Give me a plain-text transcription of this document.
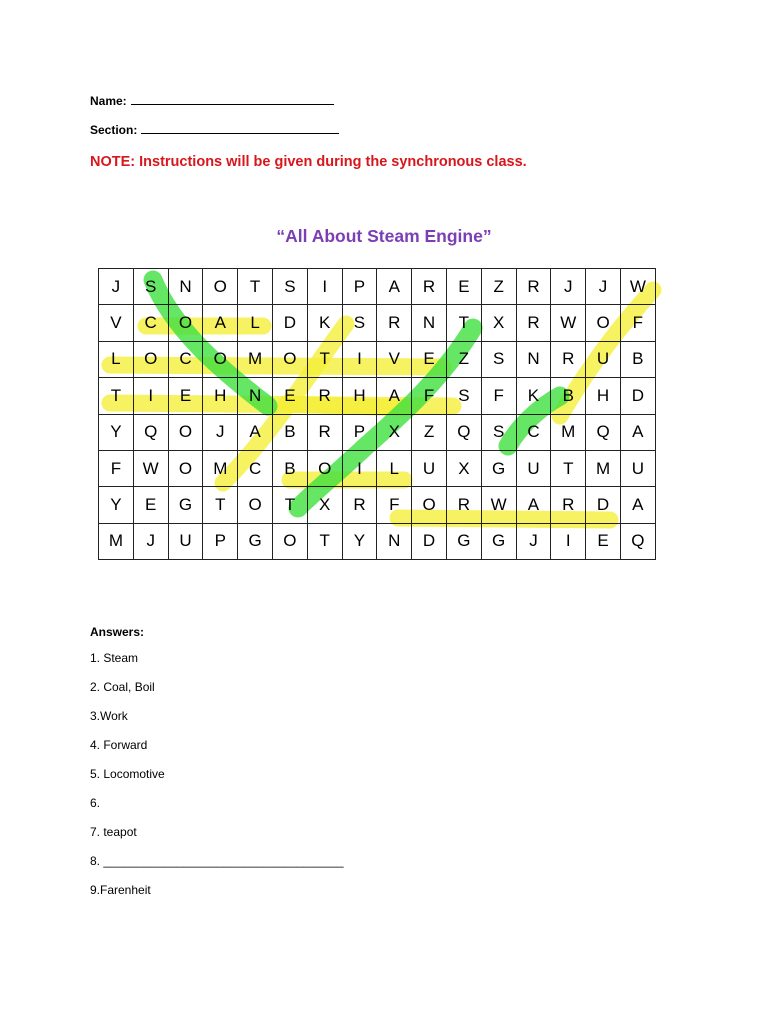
Name:
Section:
NOTE: Instructions will be given during the synchronous class.
“All About Steam Engine”
J	S	N	O	T	S	I	P	A	R	E	Z	R	J	J	W
V	C	O	A	L	D	K	S	R	N	T	X	R	W	O	F
L	O	C	O	M	O	T	I	V	E	Z	S	N	R	U	B
T	I	E	H	N	E	R	H	A	F	S	F	K	B	H	D
Y	Q	O	J	A	B	R	P	X	Z	Q	S	C	M	Q	A
F	W	O	M	C	B	O	I	L	U	X	G	U	T	M	U
Y	E	G	T	O	T	X	R	F	O	R	W	A	R	D	A
M	J	U	P	G	O	T	Y	N	D	G	G	J	I	E	Q
Answers:
1. Steam
2. Coal, Boil
3.Work
4. Forward
5. Locomotive
6.
7. teapot
8. ____________________________________
9.Farenheit
